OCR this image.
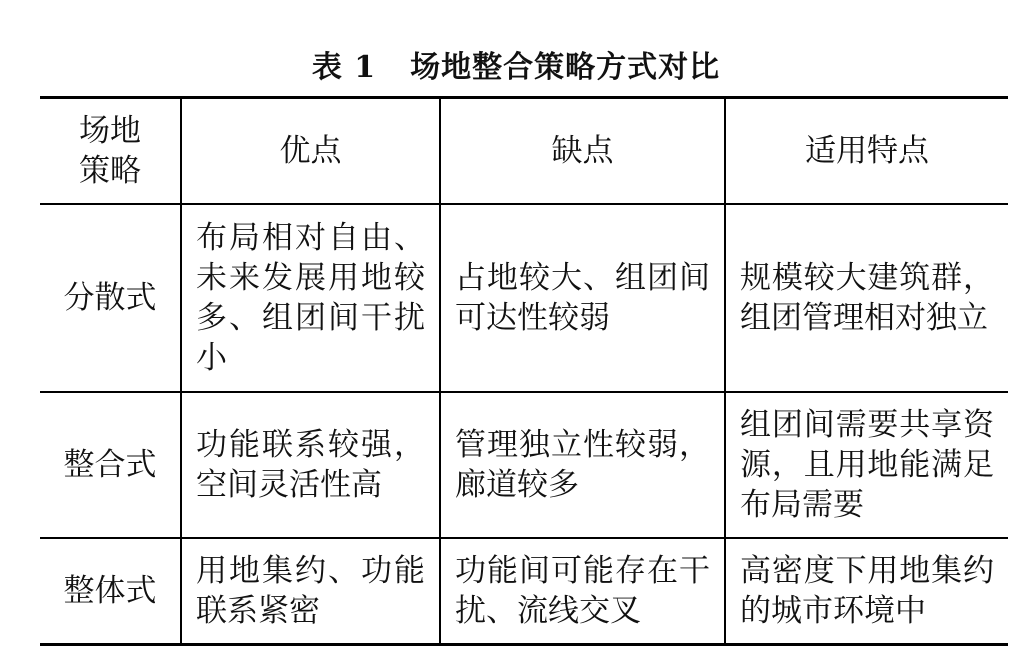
表 1 场地整合策略方式对比
场地
策略	优点	缺点	适用特点
分散式	布局相对自由、未来发展用地较多、组团间干扰小	占地较大、组团间可达性较弱	规模较大建筑群，组团管理相对独立
整合式	功能联系较强，空间灵活性高	管理独立性较弱，廊道较多	组团间需要共享资源，且用地能满足布局需要
整体式	用地集约、功能联系紧密	功能间可能存在干扰、流线交叉	高密度下用地集约的城市环境中
